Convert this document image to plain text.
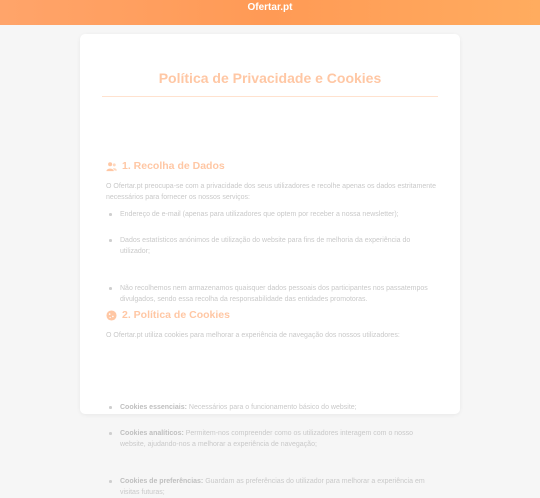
Ofertar.pt
Política de Privacidade e Cookies
1. Recolha de Dados
O Ofertar.pt preocupa-se com a privacidade dos seus utilizadores e recolhe apenas os dados estritamente necessários para fornecer os nossos serviços:
Endereço de e-mail (apenas para utilizadores que optem por receber a nossa newsletter);
Dados estatísticos anónimos de utilização do website para fins de melhoria da experiência do utilizador;
Não recolhemos nem armazenamos quaisquer dados pessoais dos participantes nos passatempos divulgados, sendo essa recolha da responsabilidade das entidades promotoras.
2. Política de Cookies
O Ofertar.pt utiliza cookies para melhorar a experiência de navegação dos nossos utilizadores:
Cookies essenciais: Necessários para o funcionamento básico do website;
Cookies analíticos: Permitem-nos compreender como os utilizadores interagem com o nosso website, ajudando-nos a melhorar a experiência de navegação;
Cookies de preferências: Guardam as preferências do utilizador para melhorar a experiência em visitas futuras;
